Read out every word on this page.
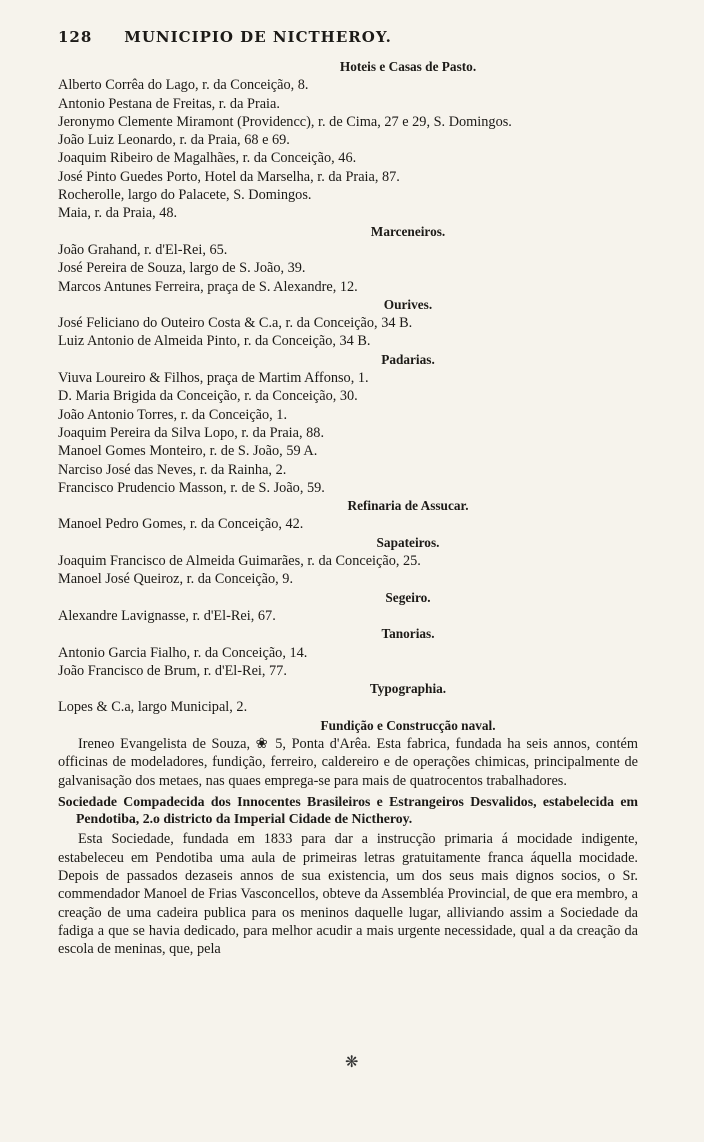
128 MUNICIPIO DE NICTHEROY.
Hoteis e Casas de Pasto.
Alberto Corrêa do Lago, r. da Conceição, 8.
Antonio Pestana de Freitas, r. da Praia.
Jeronymo Clemente Miramont (Providencc), r. de Cima, 27 e 29, S. Domingos.
João Luiz Leonardo, r. da Praia, 68 e 69.
Joaquim Ribeiro de Magalhães, r. da Conceição, 46.
José Pinto Guedes Porto, Hotel da Marselha, r. da Praia, 87.
Rocherolle, largo do Palacete, S. Domingos.
Maia, r. da Praia, 48.
Marceneiros.
João Grahand, r. d'El-Rei, 65.
José Pereira de Souza, largo de S. João, 39.
Marcos Antunes Ferreira, praça de S. Alexandre, 12.
Ourives.
José Feliciano do Outeiro Costa & C.a, r. da Conceição, 34 B.
Luiz Antonio de Almeida Pinto, r. da Conceição, 34 B.
Padarias.
Viuva Loureiro & Filhos, praça de Martim Affonso, 1.
D. Maria Brigida da Conceição, r. da Conceição, 30.
João Antonio Torres, r. da Conceição, 1.
Joaquim Pereira da Silva Lopo, r. da Praia, 88.
Manoel Gomes Monteiro, r. de S. João, 59 A.
Narciso José das Neves, r. da Rainha, 2.
Francisco Prudencio Masson, r. de S. João, 59.
Refinaria de Assucar.
Manoel Pedro Gomes, r. da Conceição, 42.
Sapateiros.
Joaquim Francisco de Almeida Guimarães, r. da Conceição, 25.
Manoel José Queiroz, r. da Conceição, 9.
Segeiro.
Alexandre Lavignasse, r. d'El-Rei, 67.
Tanorias.
Antonio Garcia Fialho, r. da Conceição, 14.
João Francisco de Brum, r. d'El-Rei, 77.
Typographia.
Lopes & C.a, largo Municipal, 2.
Fundição e Construcção naval.

Ireneo Evangelista de Souza, ❀ 5, Ponta d'Arêa. Esta fabrica, fundada ha seis annos, contém officinas de modeladores, fundição, ferreiro, caldereiro e de operações chimicas, principalmente de galvanisação dos metaes, nas quaes emprega-se para mais de quatrocentos trabalhadores.

Sociedade Compadecida dos Innocentes Brasileiros e Estrangeiros Desvalidos, estabelecida em Pendotiba, 2.o districto da Imperial Cidade de Nictheroy.

Esta Sociedade, fundada em 1833 para dar a instrucção primaria á mocidade indigente, estabeleceu em Pendotiba uma aula de primeiras letras gratuitamente franca áquella mocidade. Depois de passados dezaseis annos de sua existencia, um dos seus mais dignos socios, o Sr. commendador Manoel de Frias Vasconcellos, obteve da Assembléa Provincial, de que era membro, a creação de uma cadeira publica para os meninos daquelle lugar, alliviando assim a Sociedade da fadiga a que se havia dedicado, para melhor acudir a mais urgente necessidade, qual a da creação da escola de meninas, que, pela

❋
